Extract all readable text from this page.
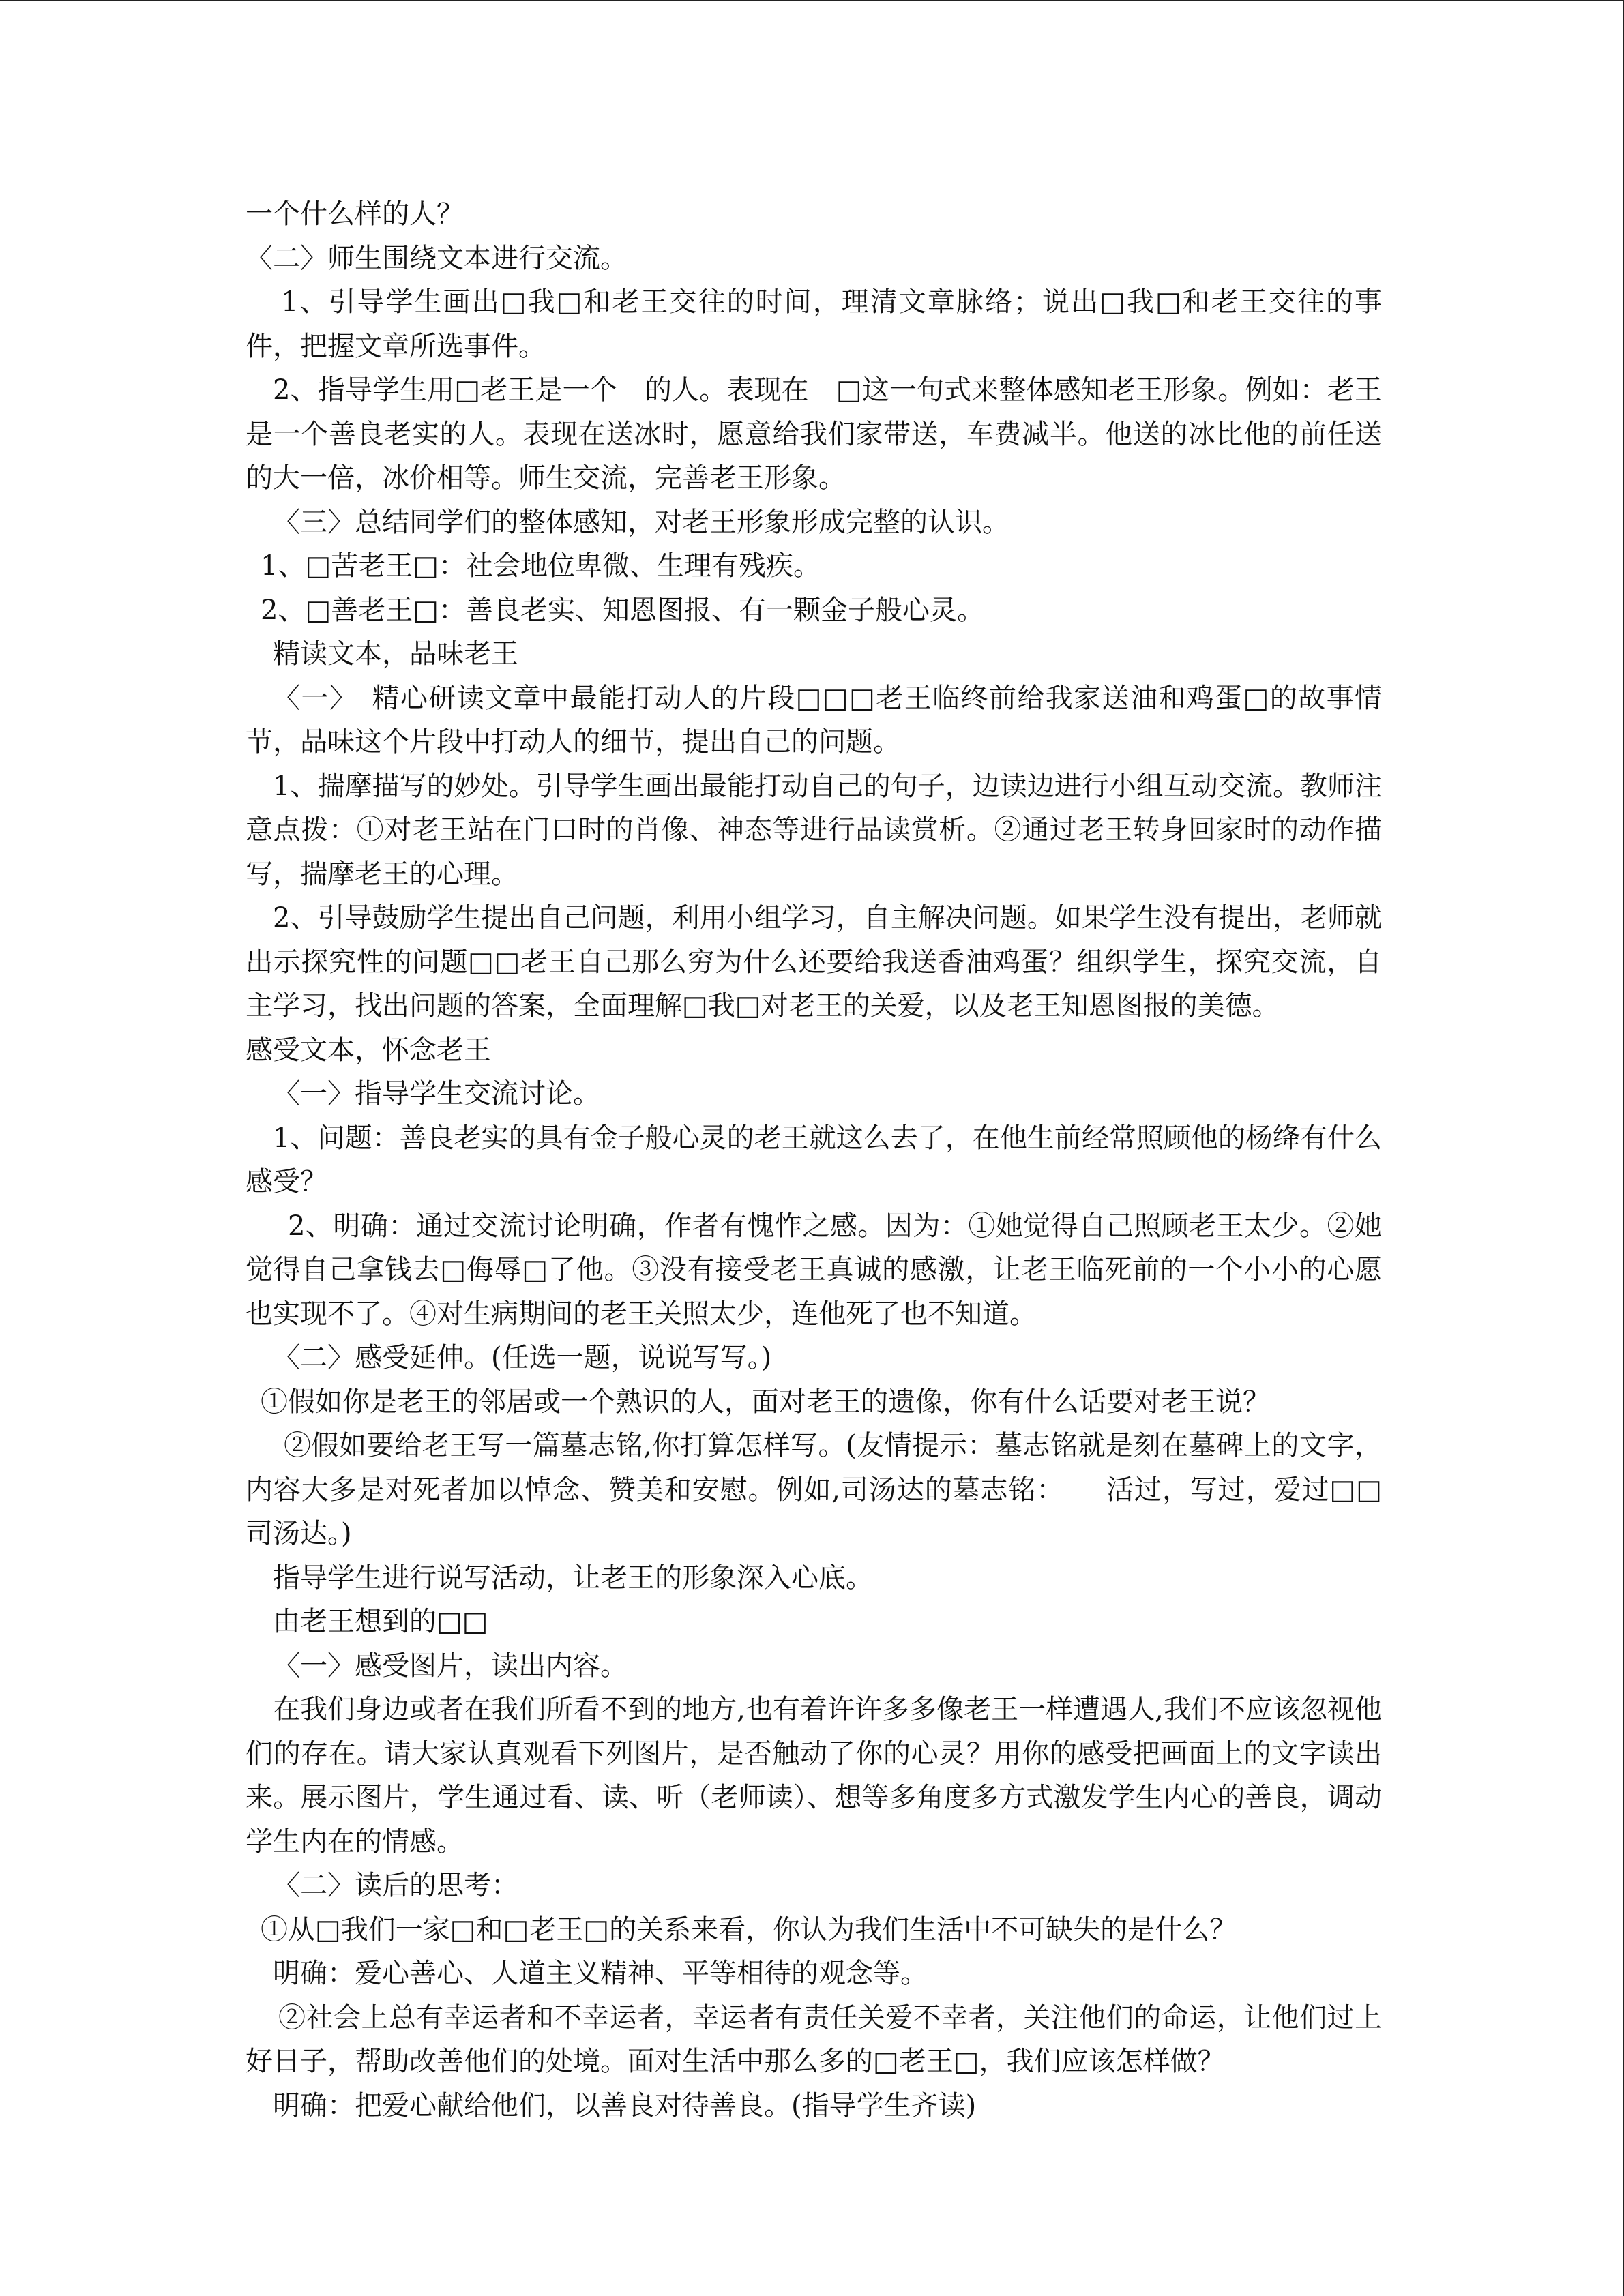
一个什么样的人？

〈二〉师生围绕文本进行交流。

1、引导学生画出□我□和老王交往的时间，理清文章脉络；说出□我□和老王交往的事件，把握文章所选事件。

2、指导学生用□老王是一个　的人。表现在　□这一句式来整体感知老王形象。例如：老王是一个善良老实的人。表现在送冰时，愿意给我们家带送，车费减半。他送的冰比他的前任送的大一倍，冰价相等。师生交流，完善老王形象。

〈三〉总结同学们的整体感知，对老王形象形成完整的认识。

1、□苦老王□：社会地位卑微、生理有残疾。

2、□善老王□：善良老实、知恩图报、有一颗金子般心灵。

精读文本，品味老王

〈一〉　精心研读文章中最能打动人的片段□□□老王临终前给我家送油和鸡蛋□的故事情节，品味这个片段中打动人的细节，提出自己的问题。

1、揣摩描写的妙处。引导学生画出最能打动自己的句子，边读边进行小组互动交流。教师注意点拨：①对老王站在门口时的肖像、神态等进行品读赏析。②通过老王转身回家时的动作描写，揣摩老王的心理。

2、引导鼓励学生提出自己问题，利用小组学习，自主解决问题。如果学生没有提出，老师就出示探究性的问题□□老王自己那么穷为什么还要给我送香油鸡蛋？组织学生，探究交流，自主学习，找出问题的答案，全面理解□我□对老王的关爱，以及老王知恩图报的美德。

感受文本，怀念老王

〈一〉指导学生交流讨论。

1、问题：善良老实的具有金子般心灵的老王就这么去了，在他生前经常照顾他的杨绛有什么感受？

2、明确：通过交流讨论明确，作者有愧怍之感。因为：①她觉得自己照顾老王太少。②她觉得自己拿钱去□侮辱□了他。③没有接受老王真诚的感激，让老王临死前的一个小小的心愿也实现不了。④对生病期间的老王关照太少，连他死了也不知道。

〈二〉感受延伸。(任选一题，说说写写。)

①假如你是老王的邻居或一个熟识的人，面对老王的遗像，你有什么话要对老王说？

②假如要给老王写一篇墓志铭,你打算怎样写。(友情提示：墓志铭就是刻在墓碑上的文字，内容大多是对死者加以悼念、赞美和安慰。例如,司汤达的墓志铭：　　活过，写过，爱过□□司汤达。)

指导学生进行说写活动，让老王的形象深入心底。

由老王想到的□□

〈一〉感受图片，读出内容。

在我们身边或者在我们所看不到的地方,也有着许许多多像老王一样遭遇人,我们不应该忽视他们的存在。请大家认真观看下列图片，是否触动了你的心灵？用你的感受把画面上的文字读出来。展示图片，学生通过看、读、听（老师读）、想等多角度多方式激发学生内心的善良，调动学生内在的情感。

〈二〉读后的思考：

①从□我们一家□和□老王□的关系来看，你认为我们生活中不可缺失的是什么？

明确：爱心善心、人道主义精神、平等相待的观念等。

②社会上总有幸运者和不幸运者，幸运者有责任关爱不幸者，关注他们的命运，让他们过上好日子，帮助改善他们的处境。面对生活中那么多的□老王□，我们应该怎样做？

明确：把爱心献给他们，以善良对待善良。(指导学生齐读)
